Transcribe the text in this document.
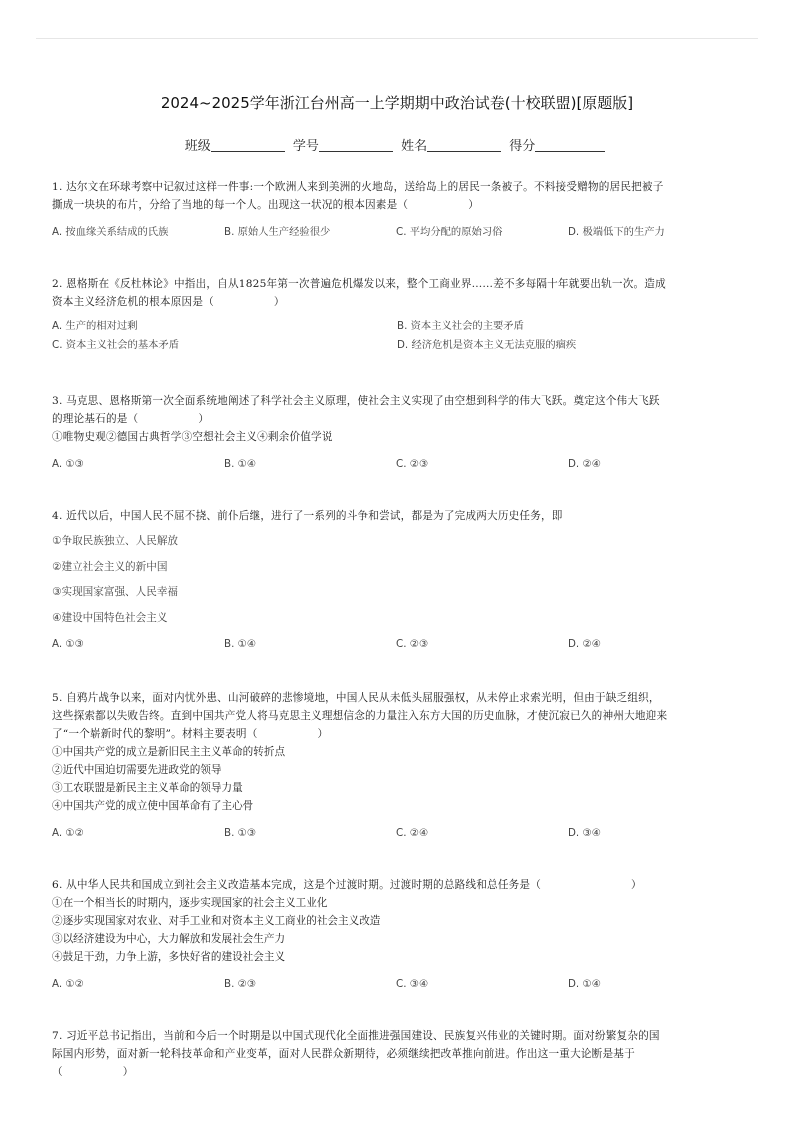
2024~2025学年浙江台州高一上学期期中政治试卷(十校联盟)[原题版]
班级	学号	姓名	得分

1. 达尔文在环球考察中记叙过这样一件事:一个欧洲人来到美洲的火地岛，送给岛上的居民一条被子。不料接受赠物的居民把被子

撕成一块块的布片，分给了当地的每一个人。出现这一状况的根本因素是（	）

A. 按血缘关系结成的氏族	B. 原始人生产经验很少	C. 平均分配的原始习俗	D. 极端低下的生产力

2. 恩格斯在《反杜林论》中指出，自从1825年第一次普遍危机爆发以来，整个工商业界……差不多每隔十年就要出轨一次。造成

资本主义经济危机的根本原因是（	）

A. 生产的相对过剩	B. 资本主义社会的主要矛盾
C. 资本主义社会的基本矛盾	D. 经济危机是资本主义无法克服的痼疾

3. 马克思、恩格斯第一次全面系统地阐述了科学社会主义原理，使社会主义实现了由空想到科学的伟大飞跃。奠定这个伟大飞跃

的理论基石的是（	）

①唯物史观②德国古典哲学③空想社会主义④剩余价值学说

A. ①③	B. ①④	C. ②③	D. ②④

4. 近代以后，中国人民不屈不挠、前仆后继，进行了一系列的斗争和尝试，都是为了完成两大历史任务，即

①争取民族独立、人民解放

②建立社会主义的新中国

③实现国家富强、人民幸福

④建设中国特色社会主义

A. ①③	B. ①④	C. ②③	D. ②④

5. 自鸦片战争以来，面对内忧外患、山河破碎的悲惨境地，中国人民从未低头屈服强权，从未停止求索光明，但由于缺乏组织，

这些探索都以失败告终。直到中国共产党人将马克思主义理想信念的力量注入东方大国的历史血脉，才使沉寂已久的神州大地迎来

了“一个崭新时代的黎明”。材料主要表明（	）

①中国共产党的成立是新旧民主主义革命的转折点

②近代中国迫切需要先进政党的领导

③工农联盟是新民主主义革命的领导力量

④中国共产党的成立使中国革命有了主心骨

A. ①②	B. ①③	C. ②④	D. ③④

6. 从中华人民共和国成立到社会主义改造基本完成，这是个过渡时期。过渡时期的总路线和总任务是（	）

①在一个相当长的时期内，逐步实现国家的社会主义工业化

②逐步实现国家对农业、对手工业和对资本主义工商业的社会主义改造

③以经济建设为中心，大力解放和发展社会生产力

④鼓足干劲，力争上游，多快好省的建设社会主义

A. ①②	B. ②③	C. ③④	D. ①④

7. 习近平总书记指出，当前和今后一个时期是以中国式现代化全面推进强国建设、民族复兴伟业的关键时期。面对纷繁复杂的国

际国内形势，面对新一轮科技革命和产业变革，面对人民群众新期待，必须继续把改革推向前进。作出这一重大论断是基于

（	）
